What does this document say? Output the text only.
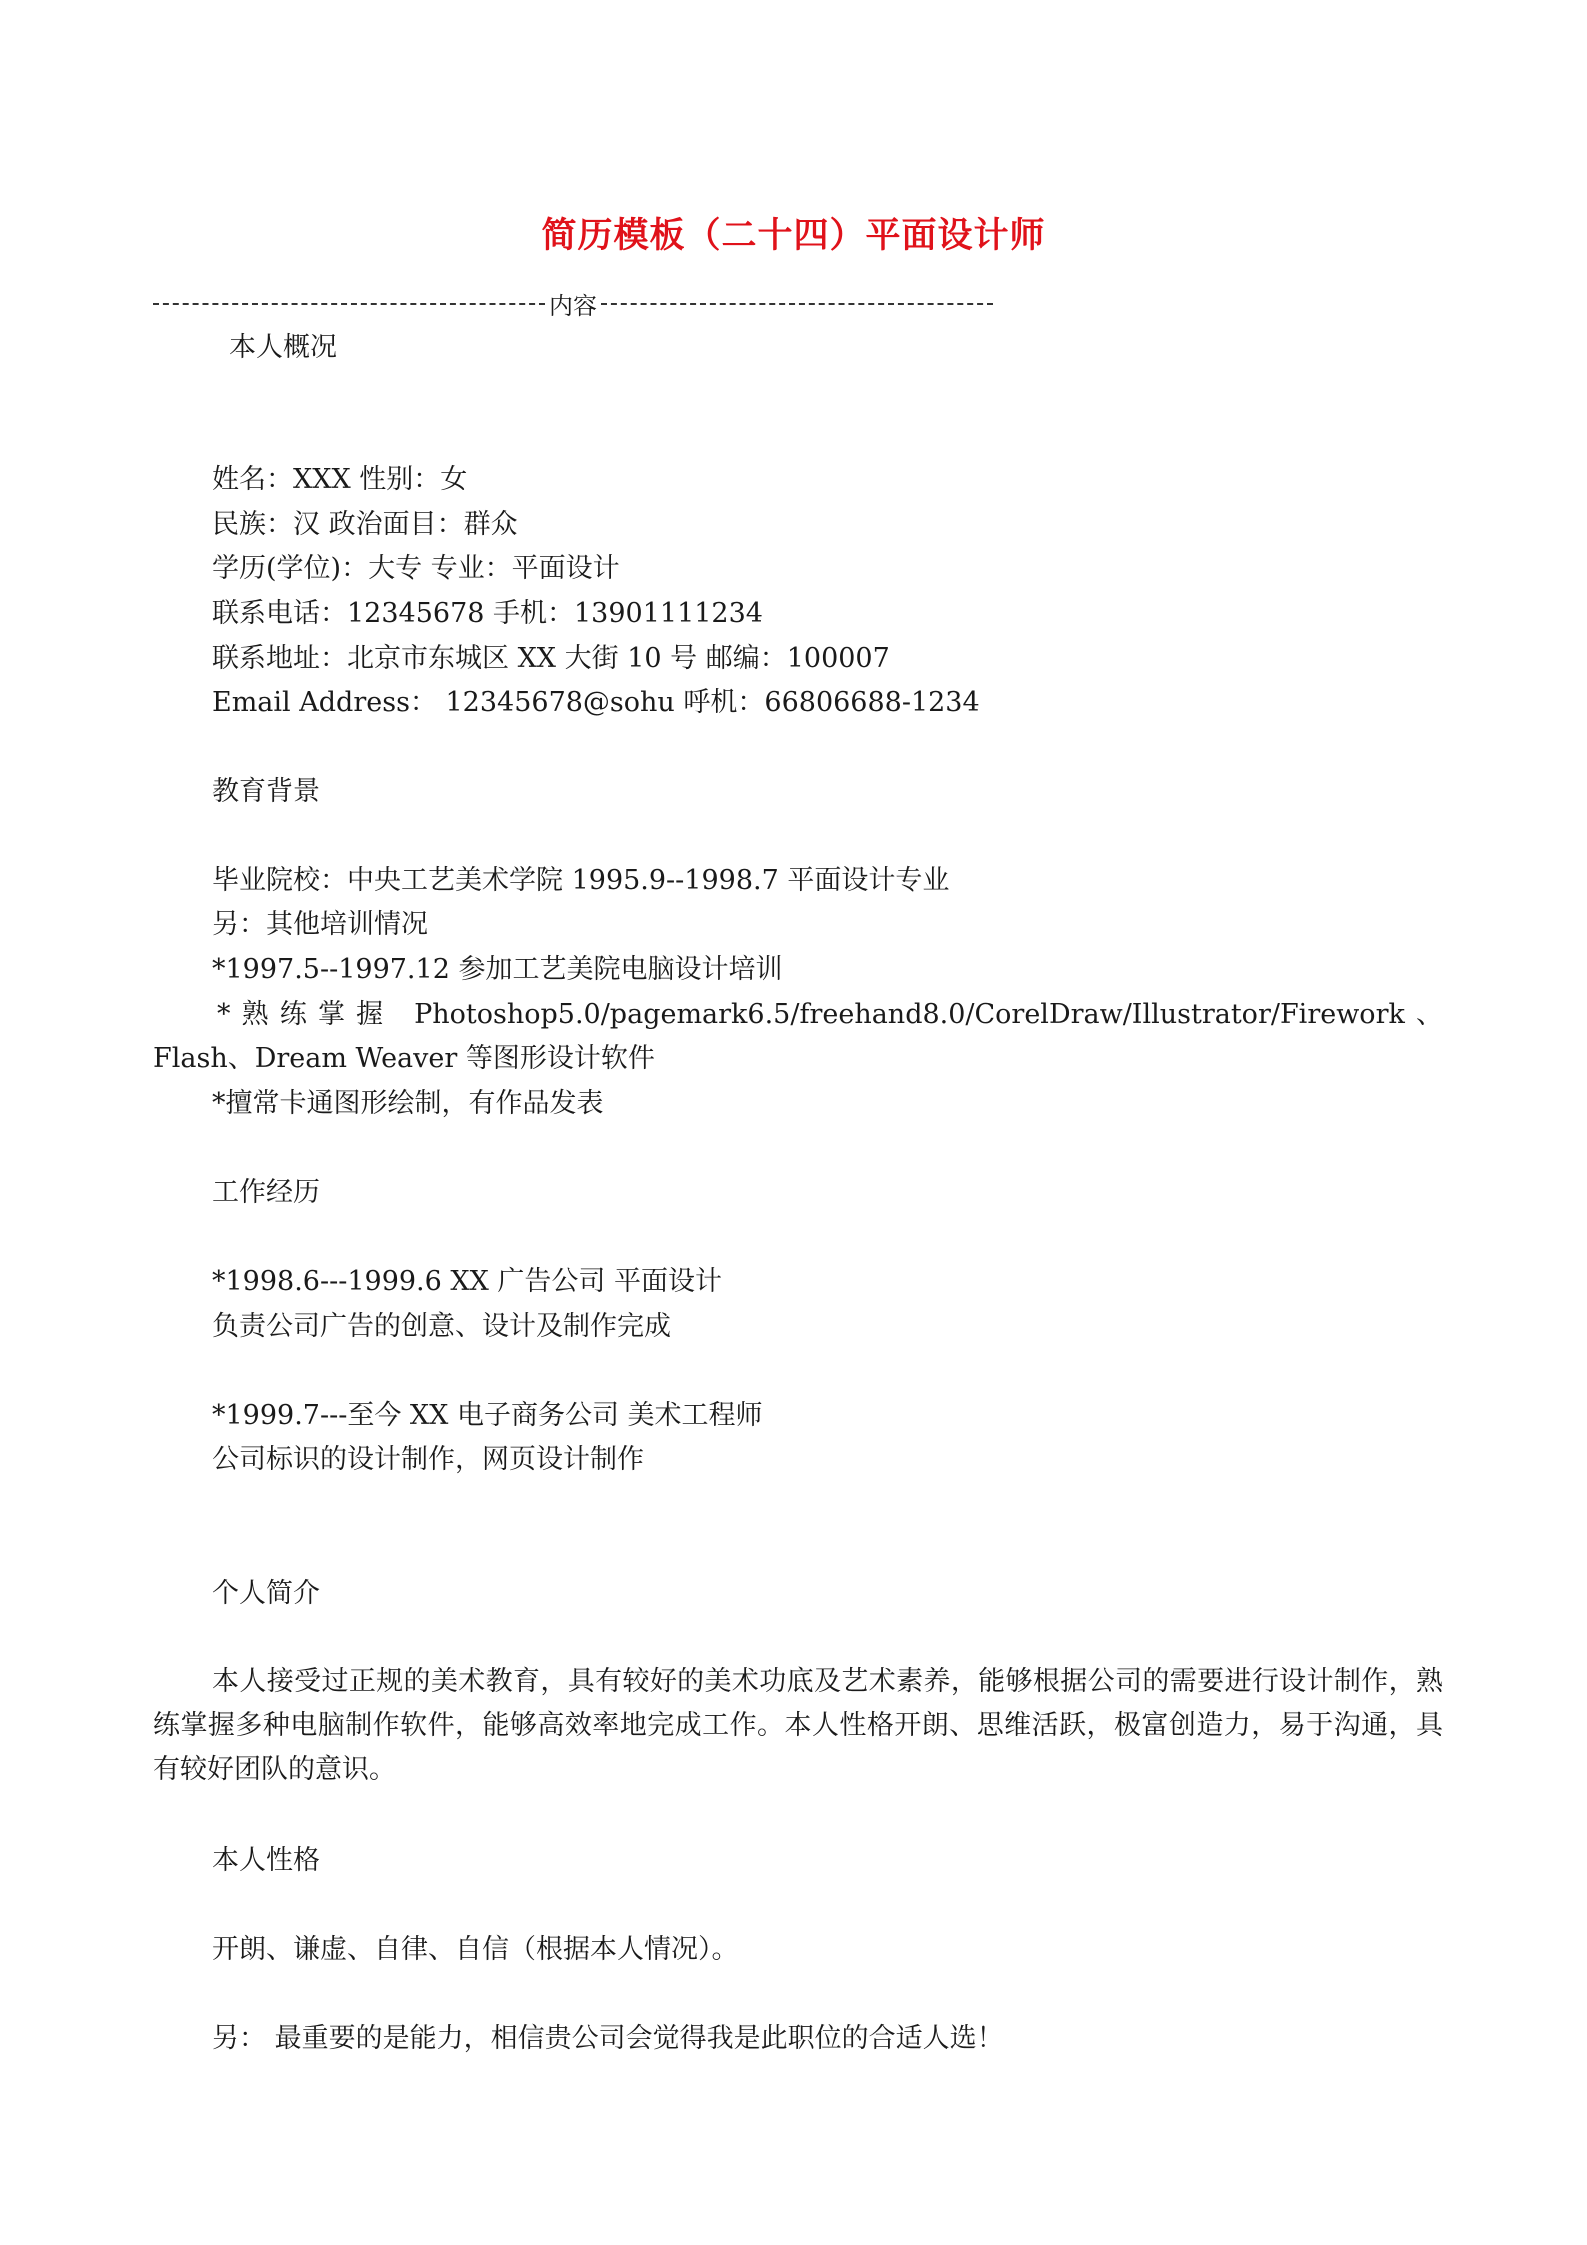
简历模板（二十四）平面设计师
内容
本人概况
姓名：XXX 性别：女
民族：汉 政治面目：群众
学历(学位)：大专 专业：平面设计
联系电话：12345678 手机：13901111234
联系地址：北京市东城区 XX 大街 10 号 邮编：100007
Email Address： 12345678@sohu 呼机：66806688-1234
教育背景
毕业院校：中央工艺美术学院 1995.9--1998.7 平面设计专业
另：其他培训情况
*1997.5--1997.12 参加工艺美院电脑设计培训
*熟练掌握 Photoshop5.0/pagemark6.5/freehand8.0/CorelDraw/Illustrator/Firework、Flash、Dream Weaver 等图形设计软件
*擅常卡通图形绘制，有作品发表
工作经历
*1998.6---1999.6 XX 广告公司 平面设计
负责公司广告的创意、设计及制作完成
*1999.7---至今 XX 电子商务公司 美术工程师
公司标识的设计制作，网页设计制作
个人简介
本人接受过正规的美术教育，具有较好的美术功底及艺术素养，能够根据公司的需要进行设计制作，熟练掌握多种电脑制作软件，能够高效率地完成工作。本人性格开朗、思维活跃，极富创造力，易于沟通，具有较好团队的意识。
本人性格
开朗、谦虚、自律、自信（根据本人情况）。
另： 最重要的是能力，相信贵公司会觉得我是此职位的合适人选！
